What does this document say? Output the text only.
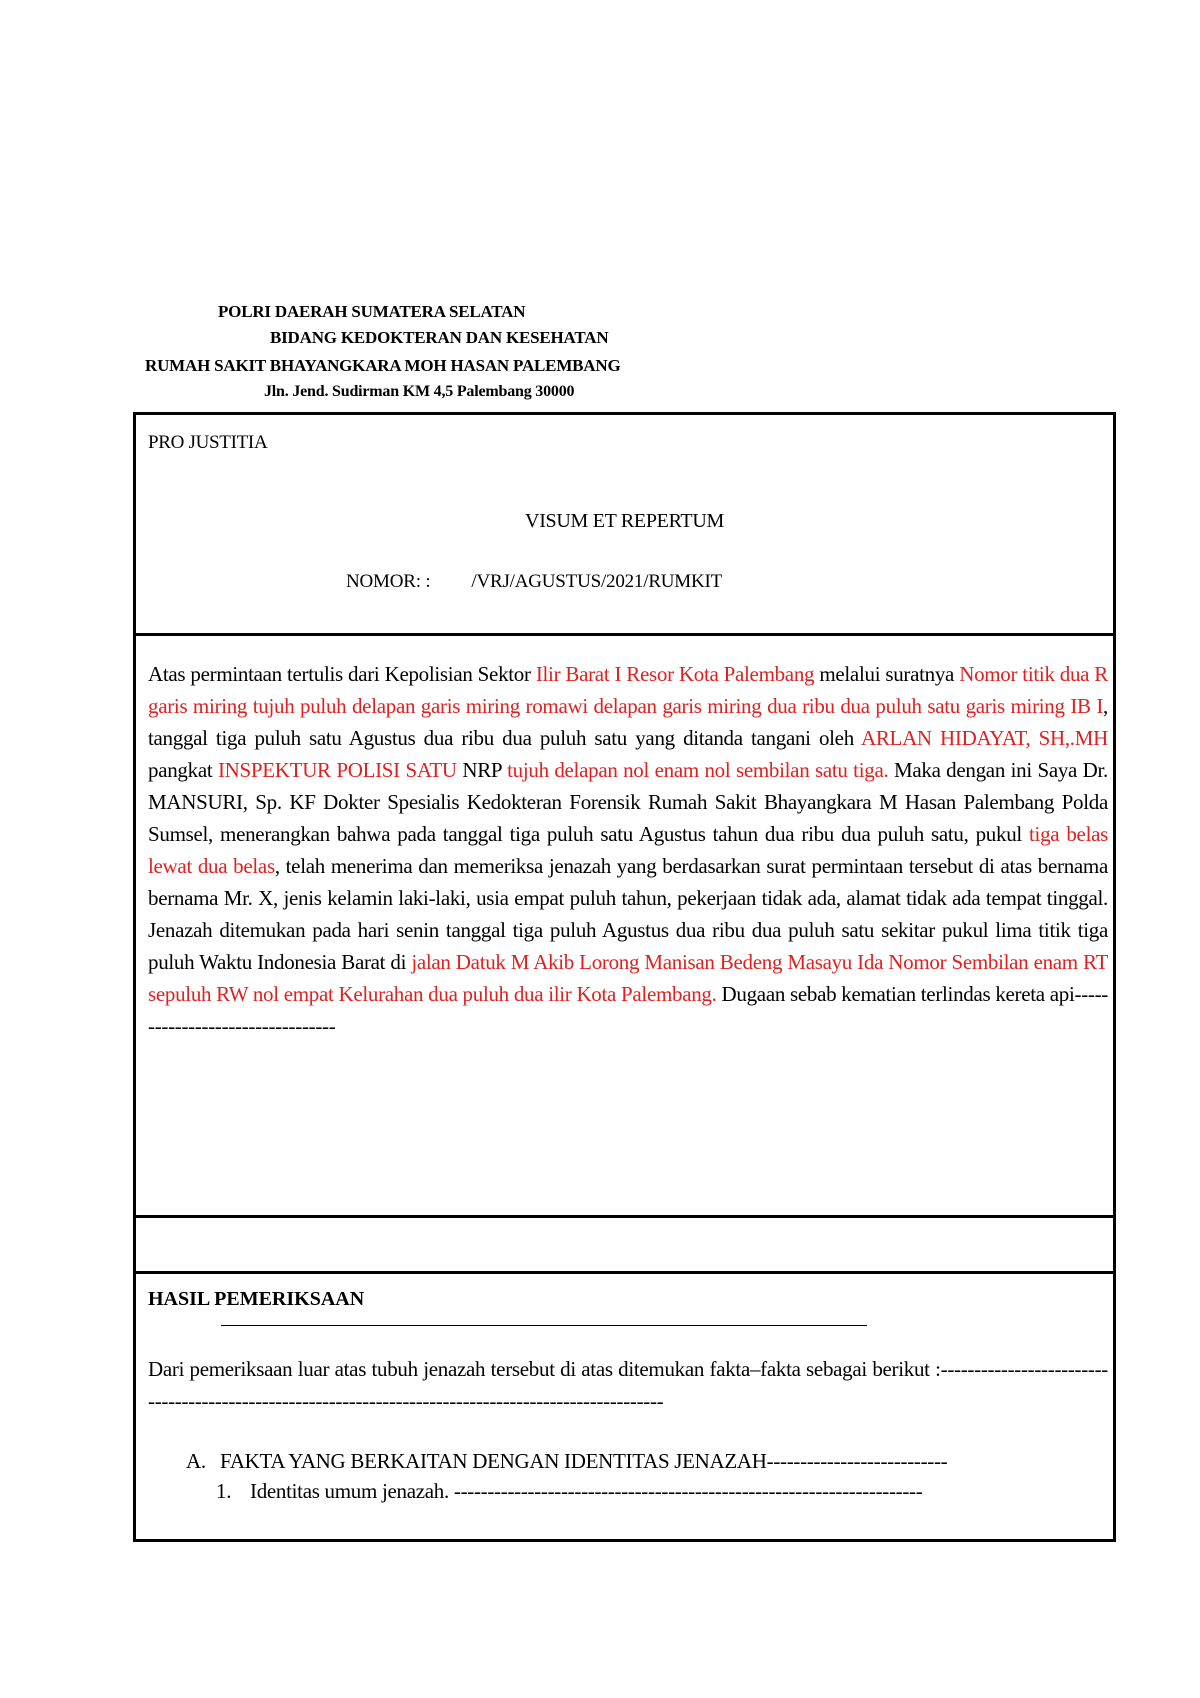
POLRI DAERAH SUMATERA SELATAN
BIDANG KEDOKTERAN DAN KESEHATAN
RUMAH SAKIT BHAYANGKARA MOH HASAN PALEMBANG
Jln. Jend. Sudirman KM 4,5 Palembang 30000
PRO JUSTITIA
VISUM ET REPERTUM
NOMOR: :         /VRJ/AGUSTUS/2021/RUMKIT
Atas permintaan tertulis dari Kepolisian Sektor Ilir Barat I Resor Kota Palembang melalui suratnya Nomor titik dua R garis miring tujuh puluh delapan garis miring romawi delapan garis miring dua ribu dua puluh satu garis miring IB I, tanggal tiga puluh satu Agustus dua ribu dua puluh satu yang ditanda tangani oleh ARLAN HIDAYAT, SH,.MH pangkat INSPEKTUR POLISI SATU NRP tujuh delapan nol enam nol sembilan satu tiga. Maka dengan ini Saya Dr. MANSURI, Sp. KF Dokter Spesialis Kedokteran Forensik Rumah Sakit Bhayangkara M Hasan Palembang Polda Sumsel, menerangkan bahwa pada tanggal tiga puluh satu Agustus tahun dua ribu dua puluh satu, pukul tiga belas lewat dua belas, telah menerima dan memeriksa jenazah yang berdasarkan surat permintaan tersebut di atas bernama bernama Mr. X, jenis kelamin laki-laki, usia empat puluh tahun, pekerjaan tidak ada, alamat tidak ada tempat tinggal. Jenazah ditemukan pada hari senin tanggal tiga puluh Agustus dua ribu dua puluh satu sekitar pukul lima titik tiga puluh Waktu Indonesia Barat di jalan Datuk M Akib Lorong Manisan Bedeng Masayu Ida Nomor Sembilan enam RT sepuluh RW nol empat Kelurahan dua puluh dua ilir Kota Palembang. Dugaan sebab kematian terlindas kereta api---------------------------------
HASIL PEMERIKSAAN
Dari pemeriksaan luar atas tubuh jenazah tersebut di atas ditemukan fakta–fakta sebagai berikut :------------------------------------------------------------------------------------------------------
A. FAKTA YANG BERKAITAN DENGAN IDENTITAS JENAZAH---------------------------
1. Identitas umum jenazah. ----------------------------------------------------------------------
